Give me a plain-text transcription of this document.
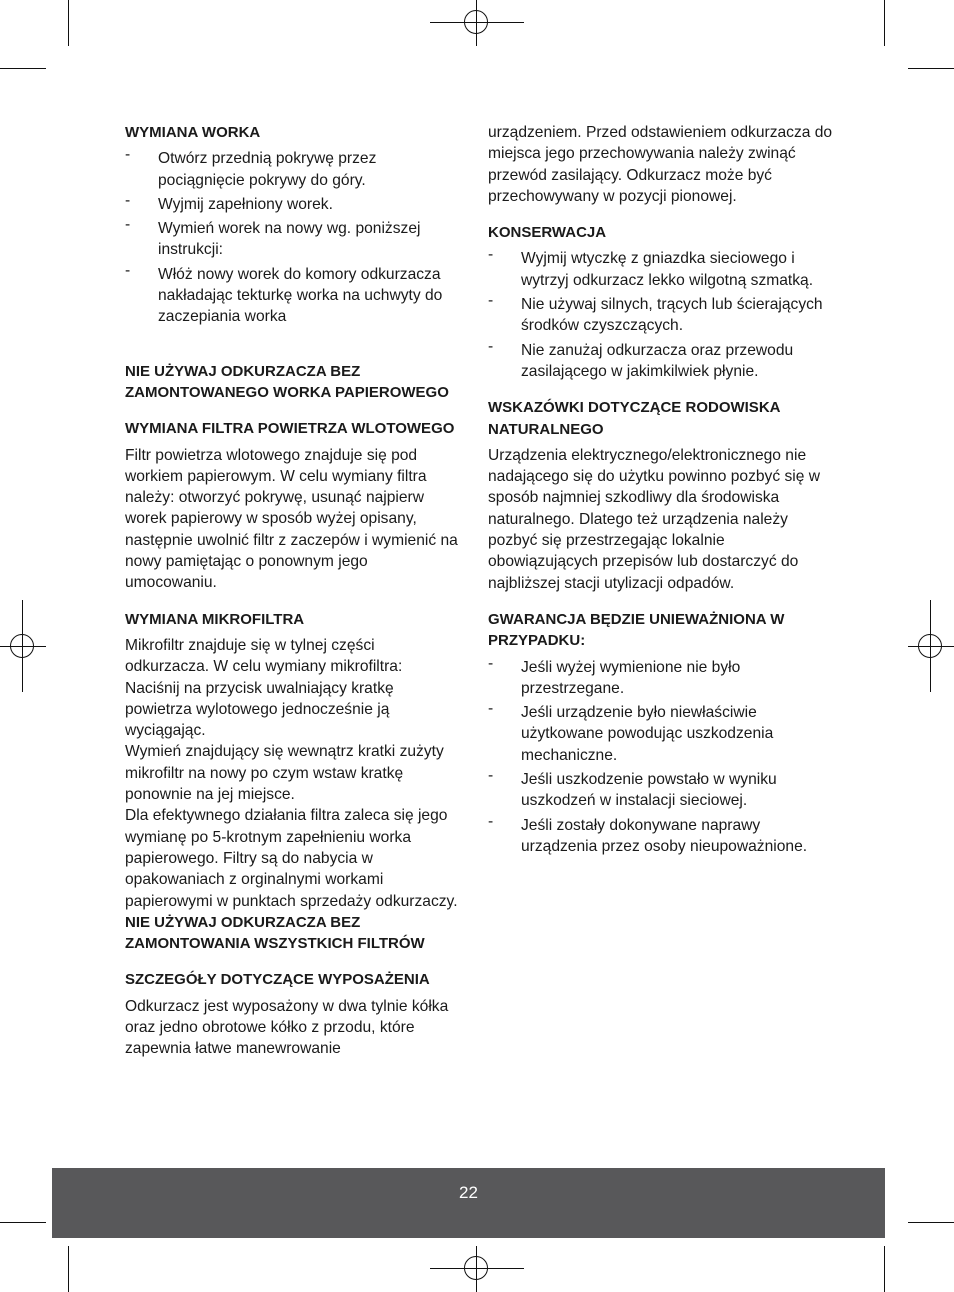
WYMIANA WORKA
- Otwórz przednią pokrywę przez pociągnięcie pokrywy do góry.
- Wyjmij zapełniony worek.
- Wymień worek na nowy wg. poniższej instrukcji:
- Włóż nowy worek do komory odkurzacza nakładając tekturkę worka na uchwyty do zaczepiania worka
NIE UŻYWAJ ODKURZACZA BEZ ZAMONTOWANEGO WORKA PAPIEROWEGO
WYMIANA FILTRA POWIETRZA WLOTOWEGO
Filtr powietrza wlotowego znajduje się pod workiem papierowym. W celu wymiany filtra należy: otworzyć pokrywę, usunąć najpierw worek papierowy w sposób wyżej opisany, następnie uwolnić filtr z zaczepów i wymienić na nowy pamiętając o ponownym jego umocowaniu.
WYMIANA MIKROFILTRA
Mikrofiltr znajduje się w tylnej części odkurzacza. W celu wymiany mikrofiltra: Naciśnij na przycisk uwalniający kratkę powietrza wylotowego jednocześnie ją wyciągając.
Wymień znajdujący się wewnątrz kratki zużyty mikrofiltr na nowy po czym wstaw kratkę ponownie na jej miejsce.
Dla efektywnego działania filtra zaleca się jego wymianę po 5-krotnym zapełnieniu worka papierowego. Filtry są do nabycia w opakowaniach z orginalnymi workami papierowymi w punktach sprzedaży odkurzaczy.
NIE UŻYWAJ ODKURZACZA BEZ ZAMONTOWANIA WSZYSTKICH FILTRÓW
SZCZEGÓŁY DOTYCZĄCE WYPOSAŻENIA
Odkurzacz jest wyposażony w dwa tylnie kółka oraz jedno obrotowe kółko z przodu, które zapewnia łatwe manewrowanie
urządzeniem. Przed odstawieniem odkurzacza do miejsca jego przechowywania należy zwinąć przewód zasilający. Odkurzacz może być przechowywany w pozycji pionowej.
KONSERWACJA
- Wyjmij wtyczkę z gniazdka sieciowego i wytrzyj odkurzacz lekko wilgotną szmatką.
- Nie używaj silnych, trących lub ścierających środków czyszczących.
- Nie zanużaj odkurzacza oraz przewodu zasilającego w jakimkilwiek płynie.
WSKAZÓWKI DOTYCZĄCE RODOWISKA NATURALNEGO
Urządzenia elektrycznego/elektronicznego nie nadającego się do użytku powinno pozbyć się w sposób najmniej szkodliwy dla środowiska naturalnego. Dlatego też urządzenia należy pozbyć się przestrzegając lokalnie obowiązujących przepisów lub dostarczyć do najbliższej stacji utylizacji odpadów.
GWARANCJA BĘDZIE UNIEWAŻNIONA W PRZYPADKU:
- Jeśli wyżej wymienione nie było przestrzegane.
- Jeśli urządzenie było niewłaściwie użytkowane powodując uszkodzenia mechaniczne.
- Jeśli uszkodzenie powstało w wyniku uszkodzeń w instalacji sieciowej.
- Jeśli zostały dokonywane naprawy urządzenia przez osoby nieupoważnione.
22
